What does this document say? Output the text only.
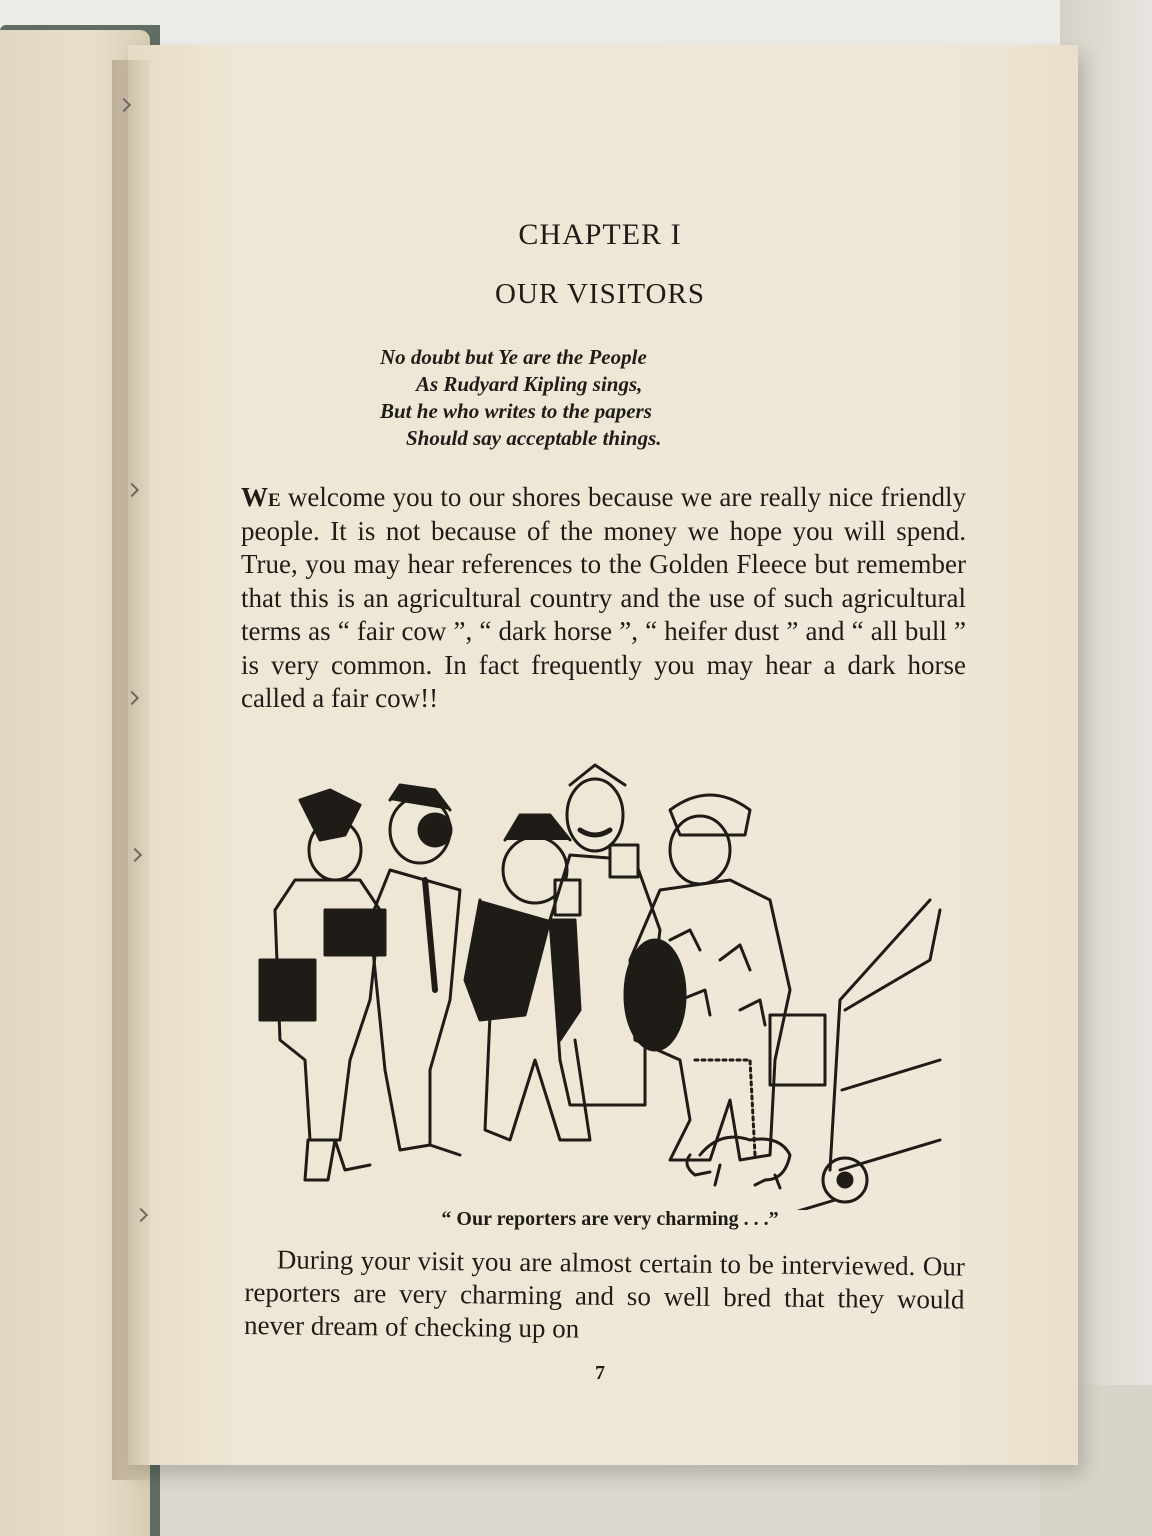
CHAPTER I
OUR VISITORS
No doubt but Ye are the People
As Rudyard Kipling sings,
But he who writes to the papers
Should say acceptable things.
We welcome you to our shores because we are really nice friendly people. It is not because of the money we hope you will spend. True, you may hear references to the Golden Fleece but remember that this is an agricultural country and the use of such agricultural terms as “ fair cow ”, “ dark horse ”, “ heifer dust ” and “ all bull ” is very common. In fact frequently you may hear a dark horse called a fair cow!!
“ Our reporters are very charming . . .”
During your visit you are almost certain to be interviewed. Our reporters are very charming and so well bred that they would never dream of checking up on
7
